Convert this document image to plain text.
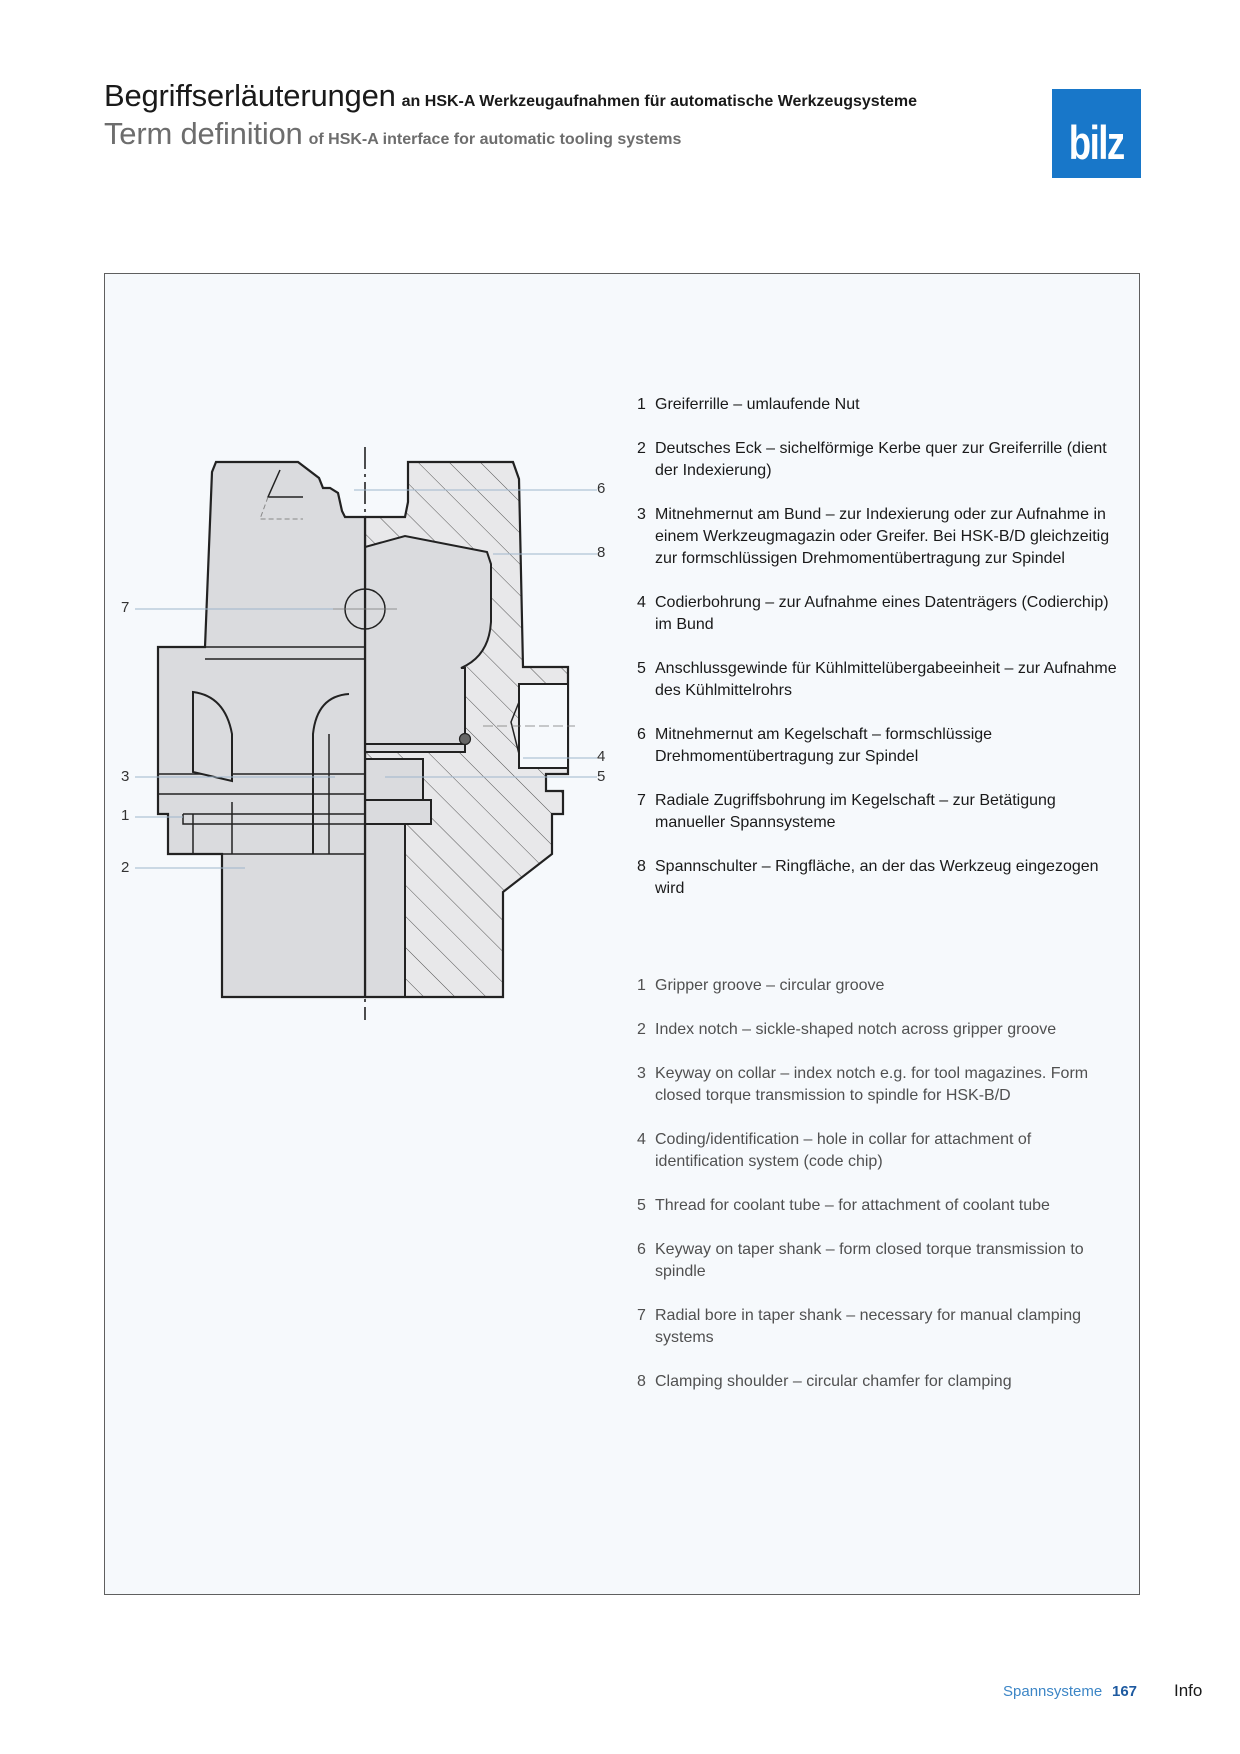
Begriffserläuterungen an HSK-A Werkzeugaufnahmen für automatische Werkzeugsysteme
Term definition of HSK-A interface for automatic tooling systems	bilz
6
8
7
4
5
3
1
2
1 Greiferrille – umlaufende Nut
2 Deutsches Eck – sichelförmige Kerbe quer zur Greiferrille (dient der Indexierung)
3 Mitnehmernut am Bund – zur Indexierung oder zur Aufnahme in einem Werkzeugmagazin oder Greifer. Bei HSK-B/D gleichzeitig zur formschlüssigen Drehmomentübertragung zur Spindel
4 Codierbohrung – zur Aufnahme eines Datenträgers (Codierchip) im Bund
5 Anschlussgewinde für Kühlmittelübergabeeinheit – zur Aufnahme des Kühlmittelrohrs
6 Mitnehmernut am Kegelschaft – formschlüssige Drehmomentübertragung zur Spindel
7 Radiale Zugriffsbohrung im Kegelschaft – zur Betätigung manueller Spannsysteme
8 Spannschulter – Ringfläche, an der das Werkzeug eingezogen wird
1 Gripper groove – circular groove
2 Index notch – sickle-shaped notch across gripper groove
3 Keyway on collar – index notch e.g. for tool magazines. Form closed torque transmission to spindle for HSK-B/D
4 Coding/identification – hole in collar for attachment of identification system (code chip)
5 Thread for coolant tube – for attachment of coolant tube
6 Keyway on taper shank – form closed torque transmission to spindle
7 Radial bore in taper shank – necessary for manual clamping systems
8 Clamping shoulder – circular chamfer for clamping
Spannsysteme 167 Info
